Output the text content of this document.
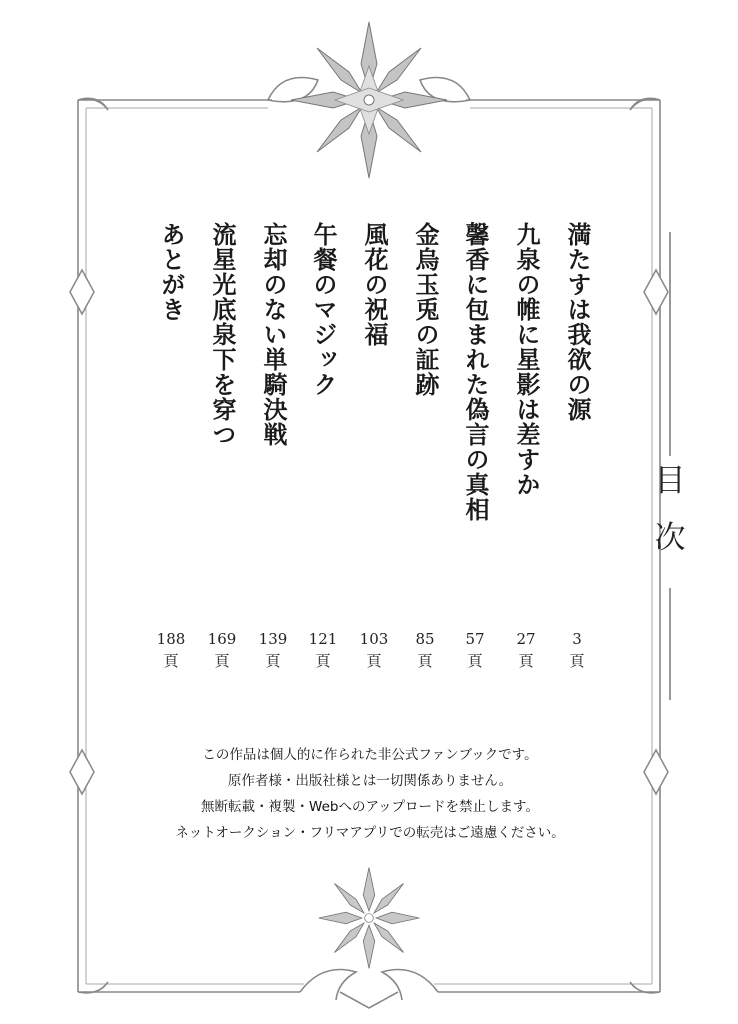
目
次
満たすは我欲の源
3
頁
九泉の帷に星影は差すか
27
頁
馨香に包まれた偽言の真相
57
頁
金烏玉兎の証跡
85
頁
風花の祝福
103
頁
午餐のマジック
121
頁
忘却のない単騎決戦
139
頁
流星光底泉下を穿つ
169
頁
あとがき
188
頁
この作品は個人的に作られた非公式ファンブックです。
原作者様・出版社様とは一切関係ありません。
無断転載・複製・Webへのアップロードを禁止します。
ネットオークション・フリマアプリでの転売はご遠慮ください。
